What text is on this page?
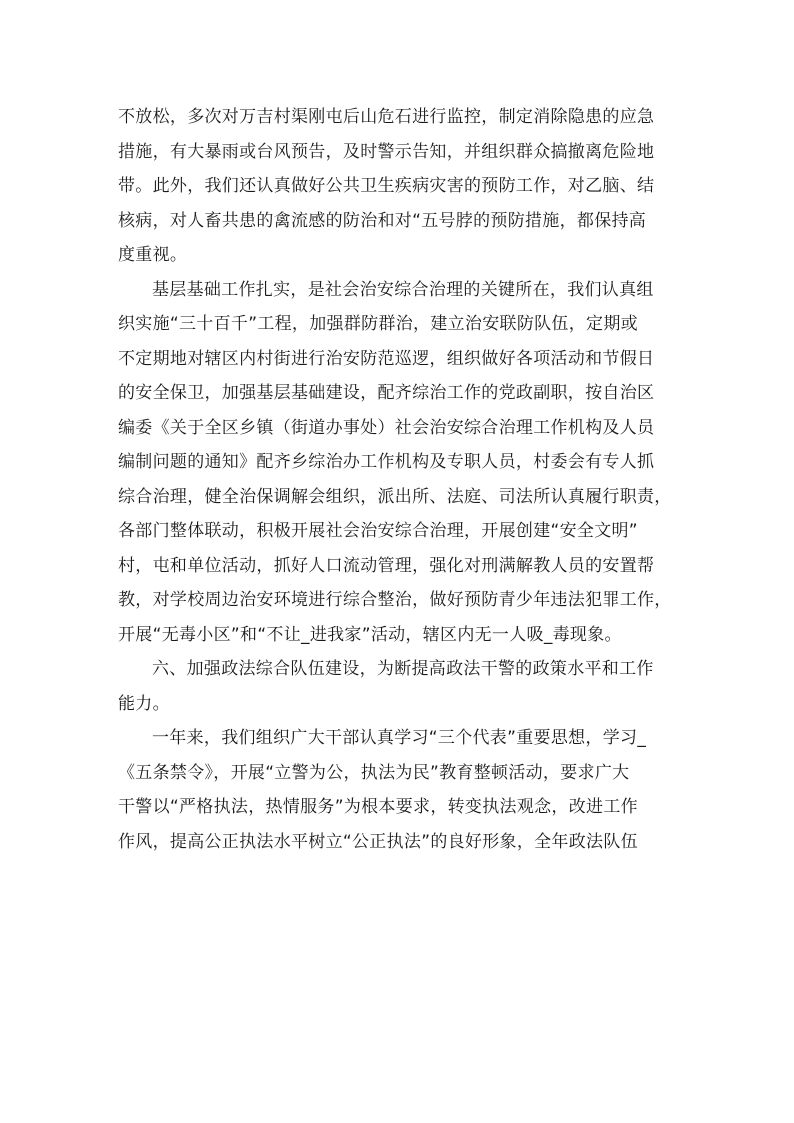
不放松，多次对万吉村渠刚屯后山危石进行监控，制定消除隐患的应急
措施，有大暴雨或台风预告，及时警示告知，并组织群众搞撤离危险地
带。此外，我们还认真做好公共卫生疾病灾害的预防工作，对乙脑、结
核病，对人畜共患的禽流感的防治和对“五号脖的预防措施，都保持高
度重视。
基层基础工作扎实，是社会治安综合治理的关键所在，我们认真组
织实施“三十百千”工程，加强群防群治，建立治安联防队伍，定期或
不定期地对辖区内村街进行治安防范巡逻，组织做好各项活动和节假日
的安全保卫，加强基层基础建设，配齐综治工作的党政副职，按自治区
编委《关于全区乡镇（街道办事处）社会治安综合治理工作机构及人员
编制问题的通知》配齐乡综治办工作机构及专职人员，村委会有专人抓
综合治理，健全治保调解会组织，派出所、法庭、司法所认真履行职责，
各部门整体联动，积极开展社会治安综合治理，开展创建“安全文明”
村，屯和单位活动，抓好人口流动管理，强化对刑满解教人员的安置帮
教，对学校周边治安环境进行综合整治，做好预防青少年违法犯罪工作，
开展“无毒小区”和“不让_进我家”活动，辖区内无一人吸_毒现象。
六、加强政法综合队伍建设，为断提高政法干警的政策水平和工作
能力。
一年来，我们组织广大干部认真学习“三个代表”重要思想，学习_
《五条禁令》，开展“立警为公，执法为民”教育整顿活动，要求广大
干警以“严格执法，热情服务”为根本要求，转变执法观念，改进工作
作风，提高公正执法水平树立“公正执法”的良好形象，全年政法队伍
